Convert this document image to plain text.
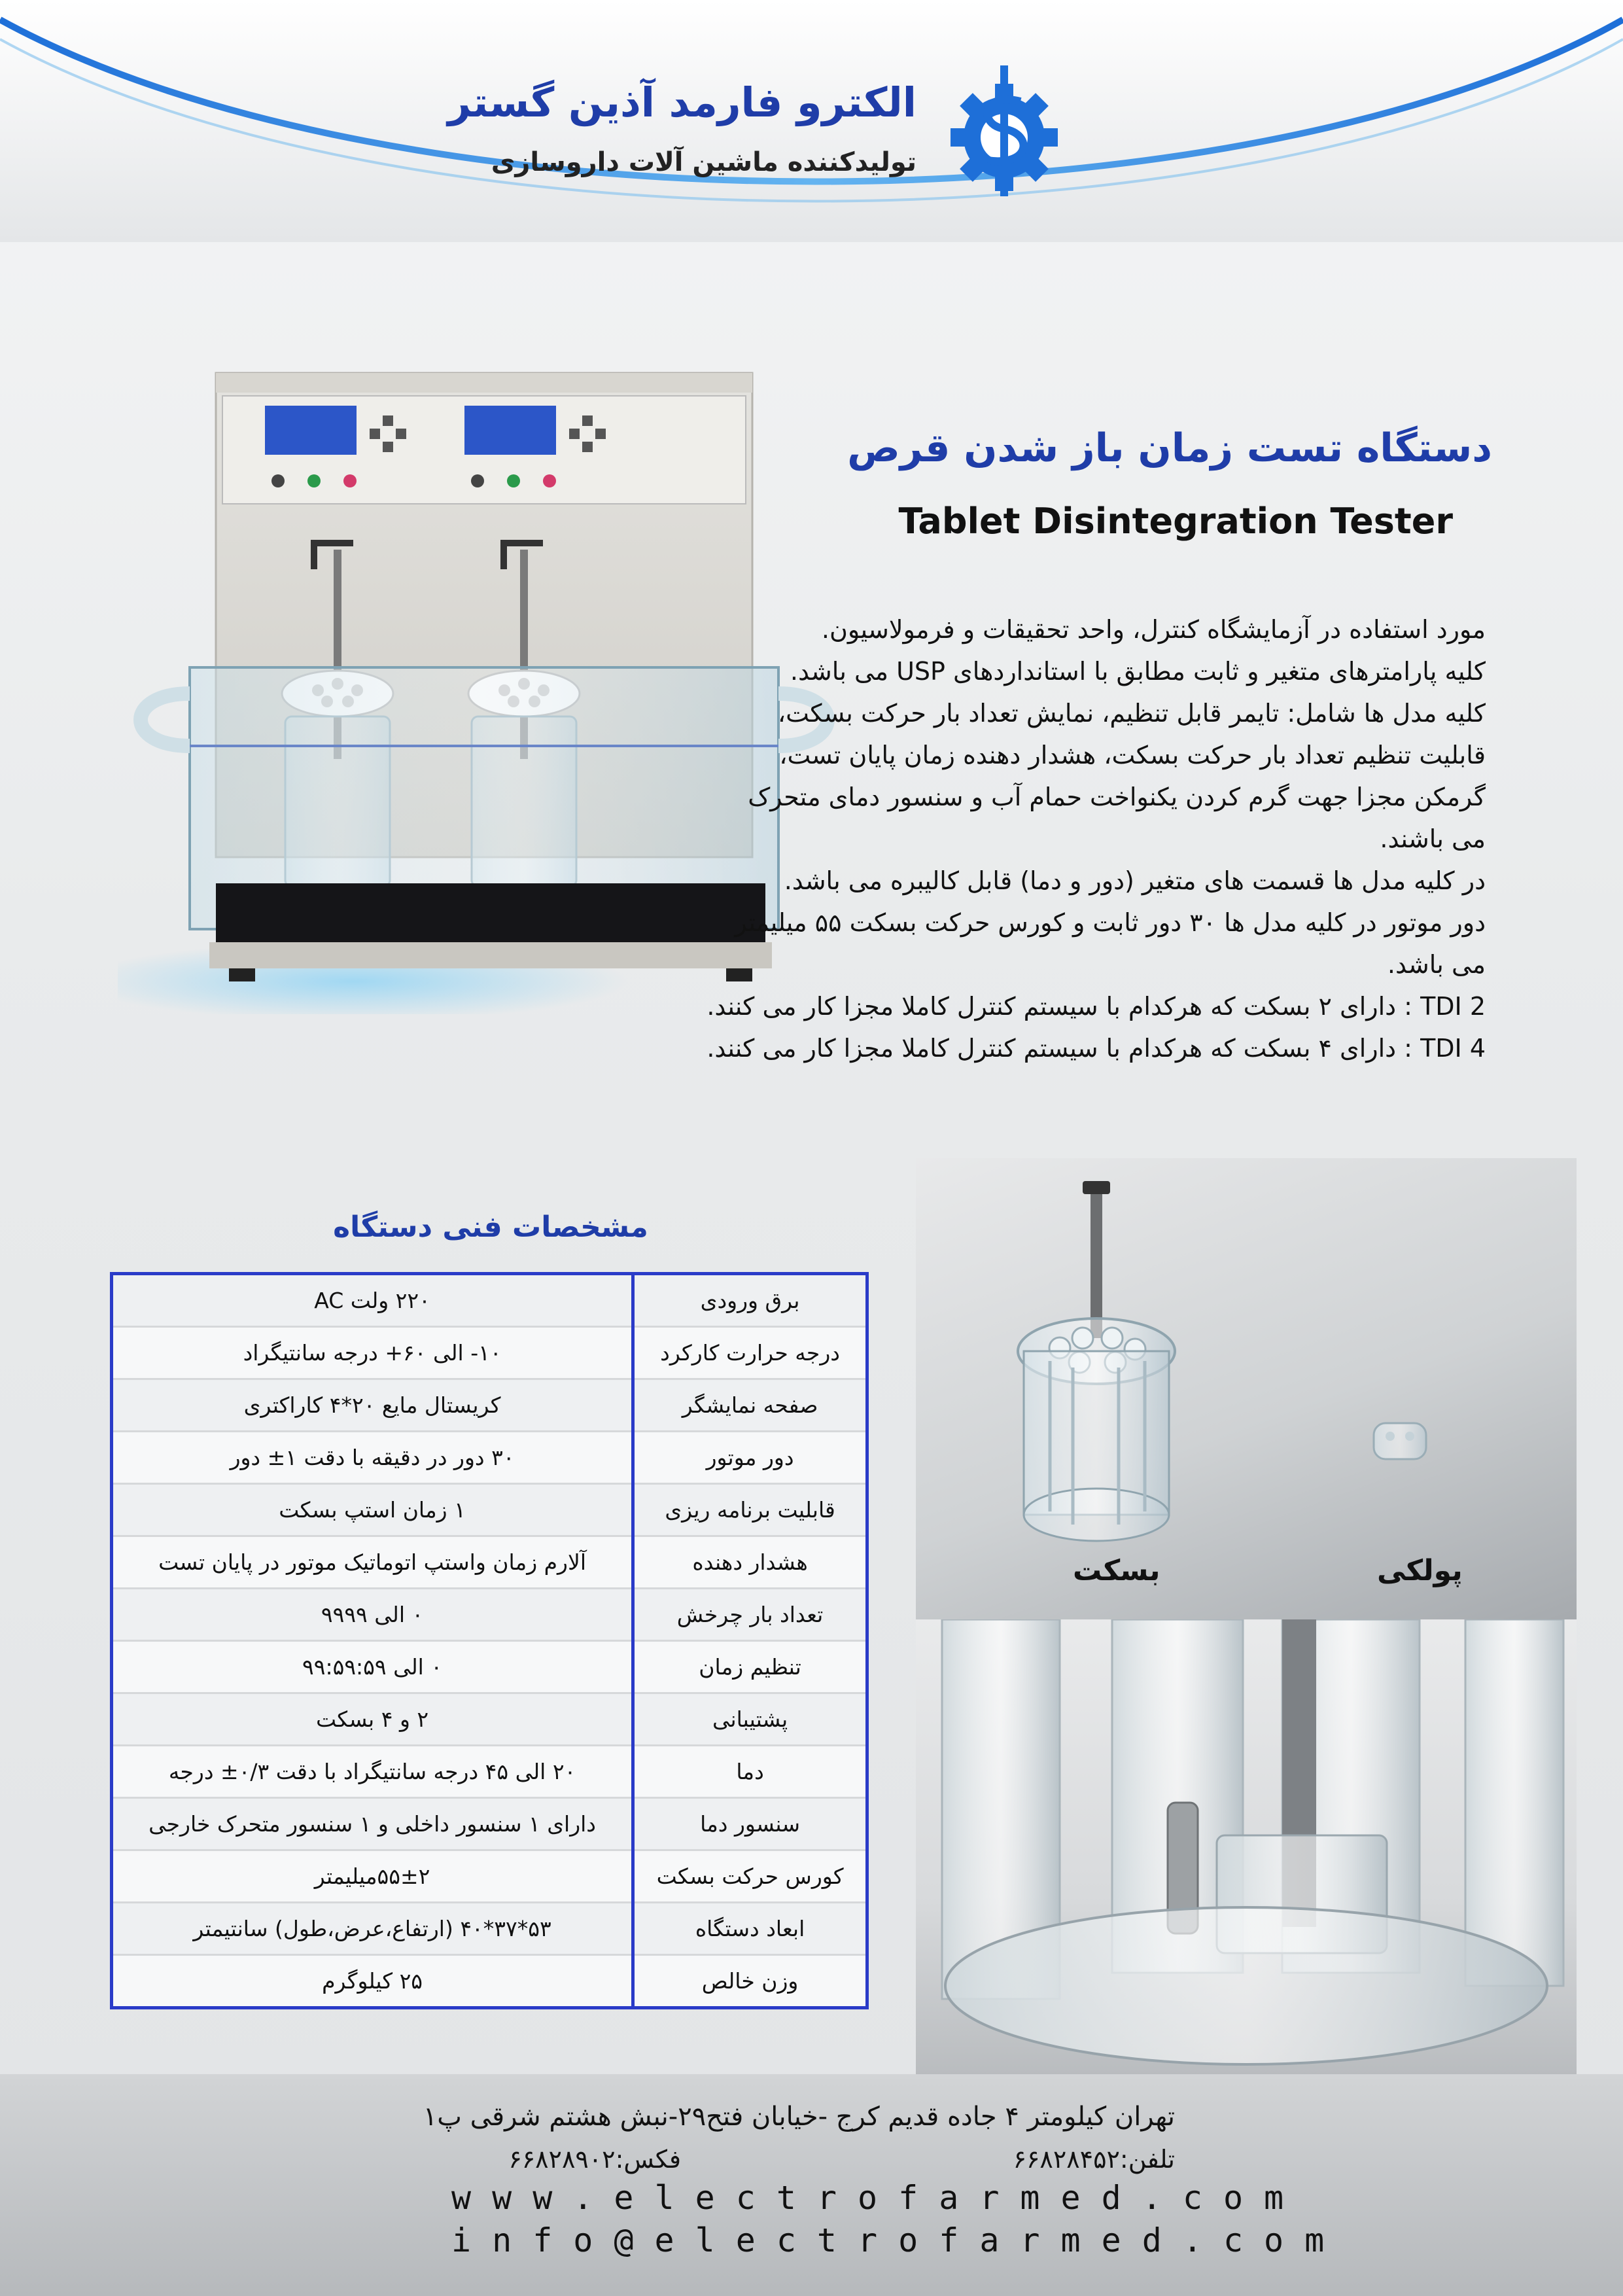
الکترو فارمد آذین گستر
تولیدکننده ماشین آلات داروسازی
دستگاه تست زمان باز شدن قرص
Tablet Disintegration Tester
مورد استفاده در آزمایشگاه کنترل، واحد تحقیقات و فرمولاسیون.
کلیه پارامترهای متغیر و ثابت مطابق با استانداردهای USP می باشد.
کلیه مدل ها شامل: تایمر قابل تنظیم، نمایش تعداد بار حرکت بسکت،
قابلیت تنظیم تعداد بار حرکت بسکت، هشدار دهنده زمان پایان تست،
گرمکن مجزا جهت گرم کردن یکنواخت حمام آب و سنسور دمای متحرک
می باشند.
در کلیه مدل ها قسمت های متغیر (دور و دما) قابل کالیبره می باشد.
دور موتور در کلیه مدل ها ۳۰ دور ثابت و کورس حرکت بسکت ۵۵ میلیمتر
می باشد.
TDI 2 : دارای ۲ بسکت که هرکدام با سیستم کنترل کاملا مجزا کار می کنند.
TDI 4 : دارای ۴ بسکت که هرکدام با سیستم کنترل کاملا مجزا کار می کنند.
مشخصات فنی دستگاه
۲۲۰ ولت AC	برق ورودی
۱۰- الی ۶۰+ درجه سانتیگراد	درجه حرارت کارکرد
کریستال مایع ۲۰*۴ کاراکتری	صفحه نمایشگر
۳۰ دور در دقیقه با دقت ۱± دور	دور موتور
۱ زمان استپ بسکت	قابلیت برنامه ریزی
آلارم زمان واستپ اتوماتیک موتور در پایان تست	هشدار دهنده
۰ الی ۹۹۹۹	تعداد بار چرخش
۰ الی ۹۹:۵۹:۵۹	تنظیم زمان
۲ و ۴ بسکت	پشتیبانی
۲۰ الی ۴۵ درجه سانتیگراد با دقت ۰/۳± درجه	دما
دارای ۱ سنسور داخلی و ۱ سنسور متحرک خارجی	سنسور دما
۵۵±۲میلیمتر	کورس حرکت بسکت
۵۳*۳۷*۴۰ (ارتفاع،عرض،طول) سانتیمتر	ابعاد دستگاه
۲۵ کیلوگرم	وزن خالص
بسکت	پولکی
تهران کیلومتر ۴ جاده قدیم کرج -خیابان فتح۲۹-نبش هشتم شرقی پ۱
تلفن:۶۶۸۲۸۴۵۲
فکس:۶۶۸۲۸۹۰۲
www.electrofarmed.com
info@electrofarmed.com
